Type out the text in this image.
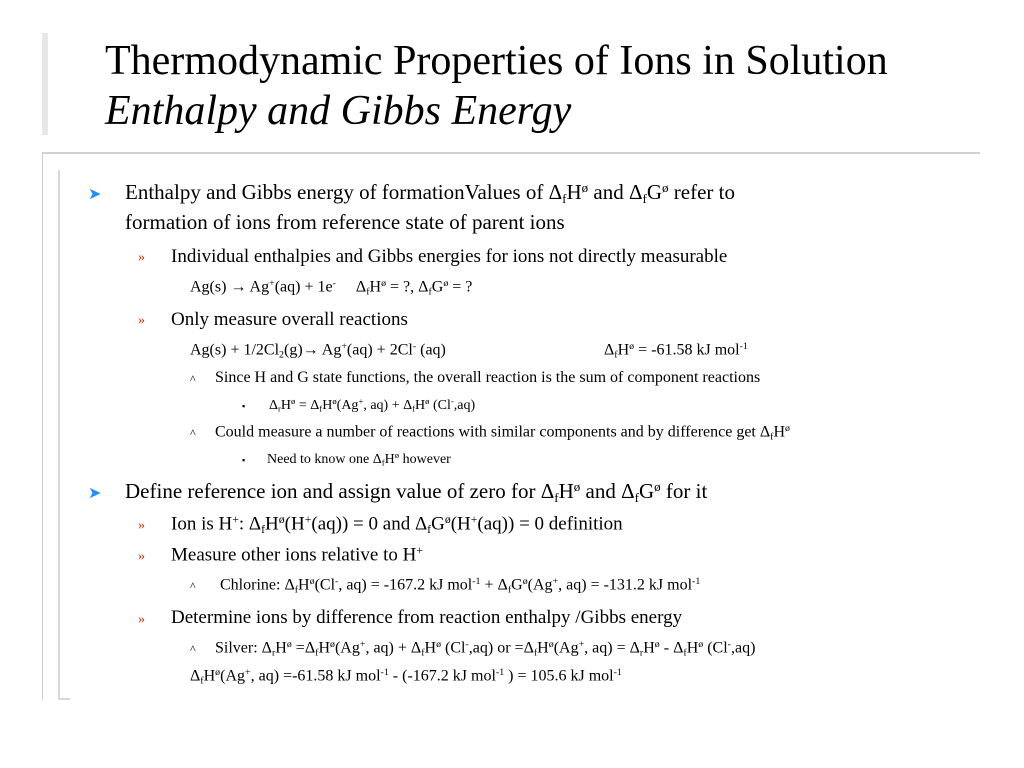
Thermodynamic Properties of Ions in Solution
Enthalpy and Gibbs Energy
➤ Enthalpy and Gibbs energy of formationValues of $\Delta_fH^ø$ and $\Delta_fG^ø$ refer to
formation of ions from reference state of parent ions
» Individual enthalpies and Gibbs energies for ions not directly measurable
Ag(s) → Ag+(aq) + 1e- $\Delta_fH^ø$ = ?, $\Delta_fG^ø$ = ?
» Only measure overall reactions
$Ag(s) + 1/2Cl_2(g)\to Ag^+(aq) + 2Cl^-$ (aq)	$\Delta_fH^ø = -61.58$ kJ mol$^{-1}$
^ Since H and G state functions, the overall reaction is the sum of component reactions
▪ $\Delta_rH^ø = \Delta_fH^ø(Ag^+$, $aq) + \Delta_fH^ø$ (Cl-,aq)
^ Could measure a number of reactions with similar components and by difference get $\Delta_fH^ø$
▪ Need to know one $\Delta_fH^ø$ however
➤ Define reference ion and assign value of zero for $\Delta_fH^ø$ and $\Delta_fG^ø$ for it
» Ion is H+: $\Delta_fH^ø(H^+(aq)) = 0$ and $\Delta_fG^ø(H^+(aq)) = 0$ definition
» Measure other ions relative to H+
^ Chlorine: $\Delta_fH^ø(Cl^-$, aq) = -167.2 kJ $mol^{-1} + \Delta_fG^ø(Ag^+$, aq) = -131.2 kJ mol$^{-1}$
» Determine ions by difference from reaction enthalpy /Gibbs energy
^ Silver: $\Delta_rH^ø =\Delta_fH^ø(Ag^+$, $aq) + \Delta_fH^ø$ (Cl-,aq) or $=\Delta_fH^ø(Ag^+$, $aq) = \Delta_rH^ø - \Delta_fH^ø$ (Cl-,aq)
$\Delta_fH^ø(Ag^+$, aq) =-61.58 kJ mol$^{-1}$ - (-167.2 kJ mol$^{-1}$ ) = 105.6 kJ mol$^{-1}$
